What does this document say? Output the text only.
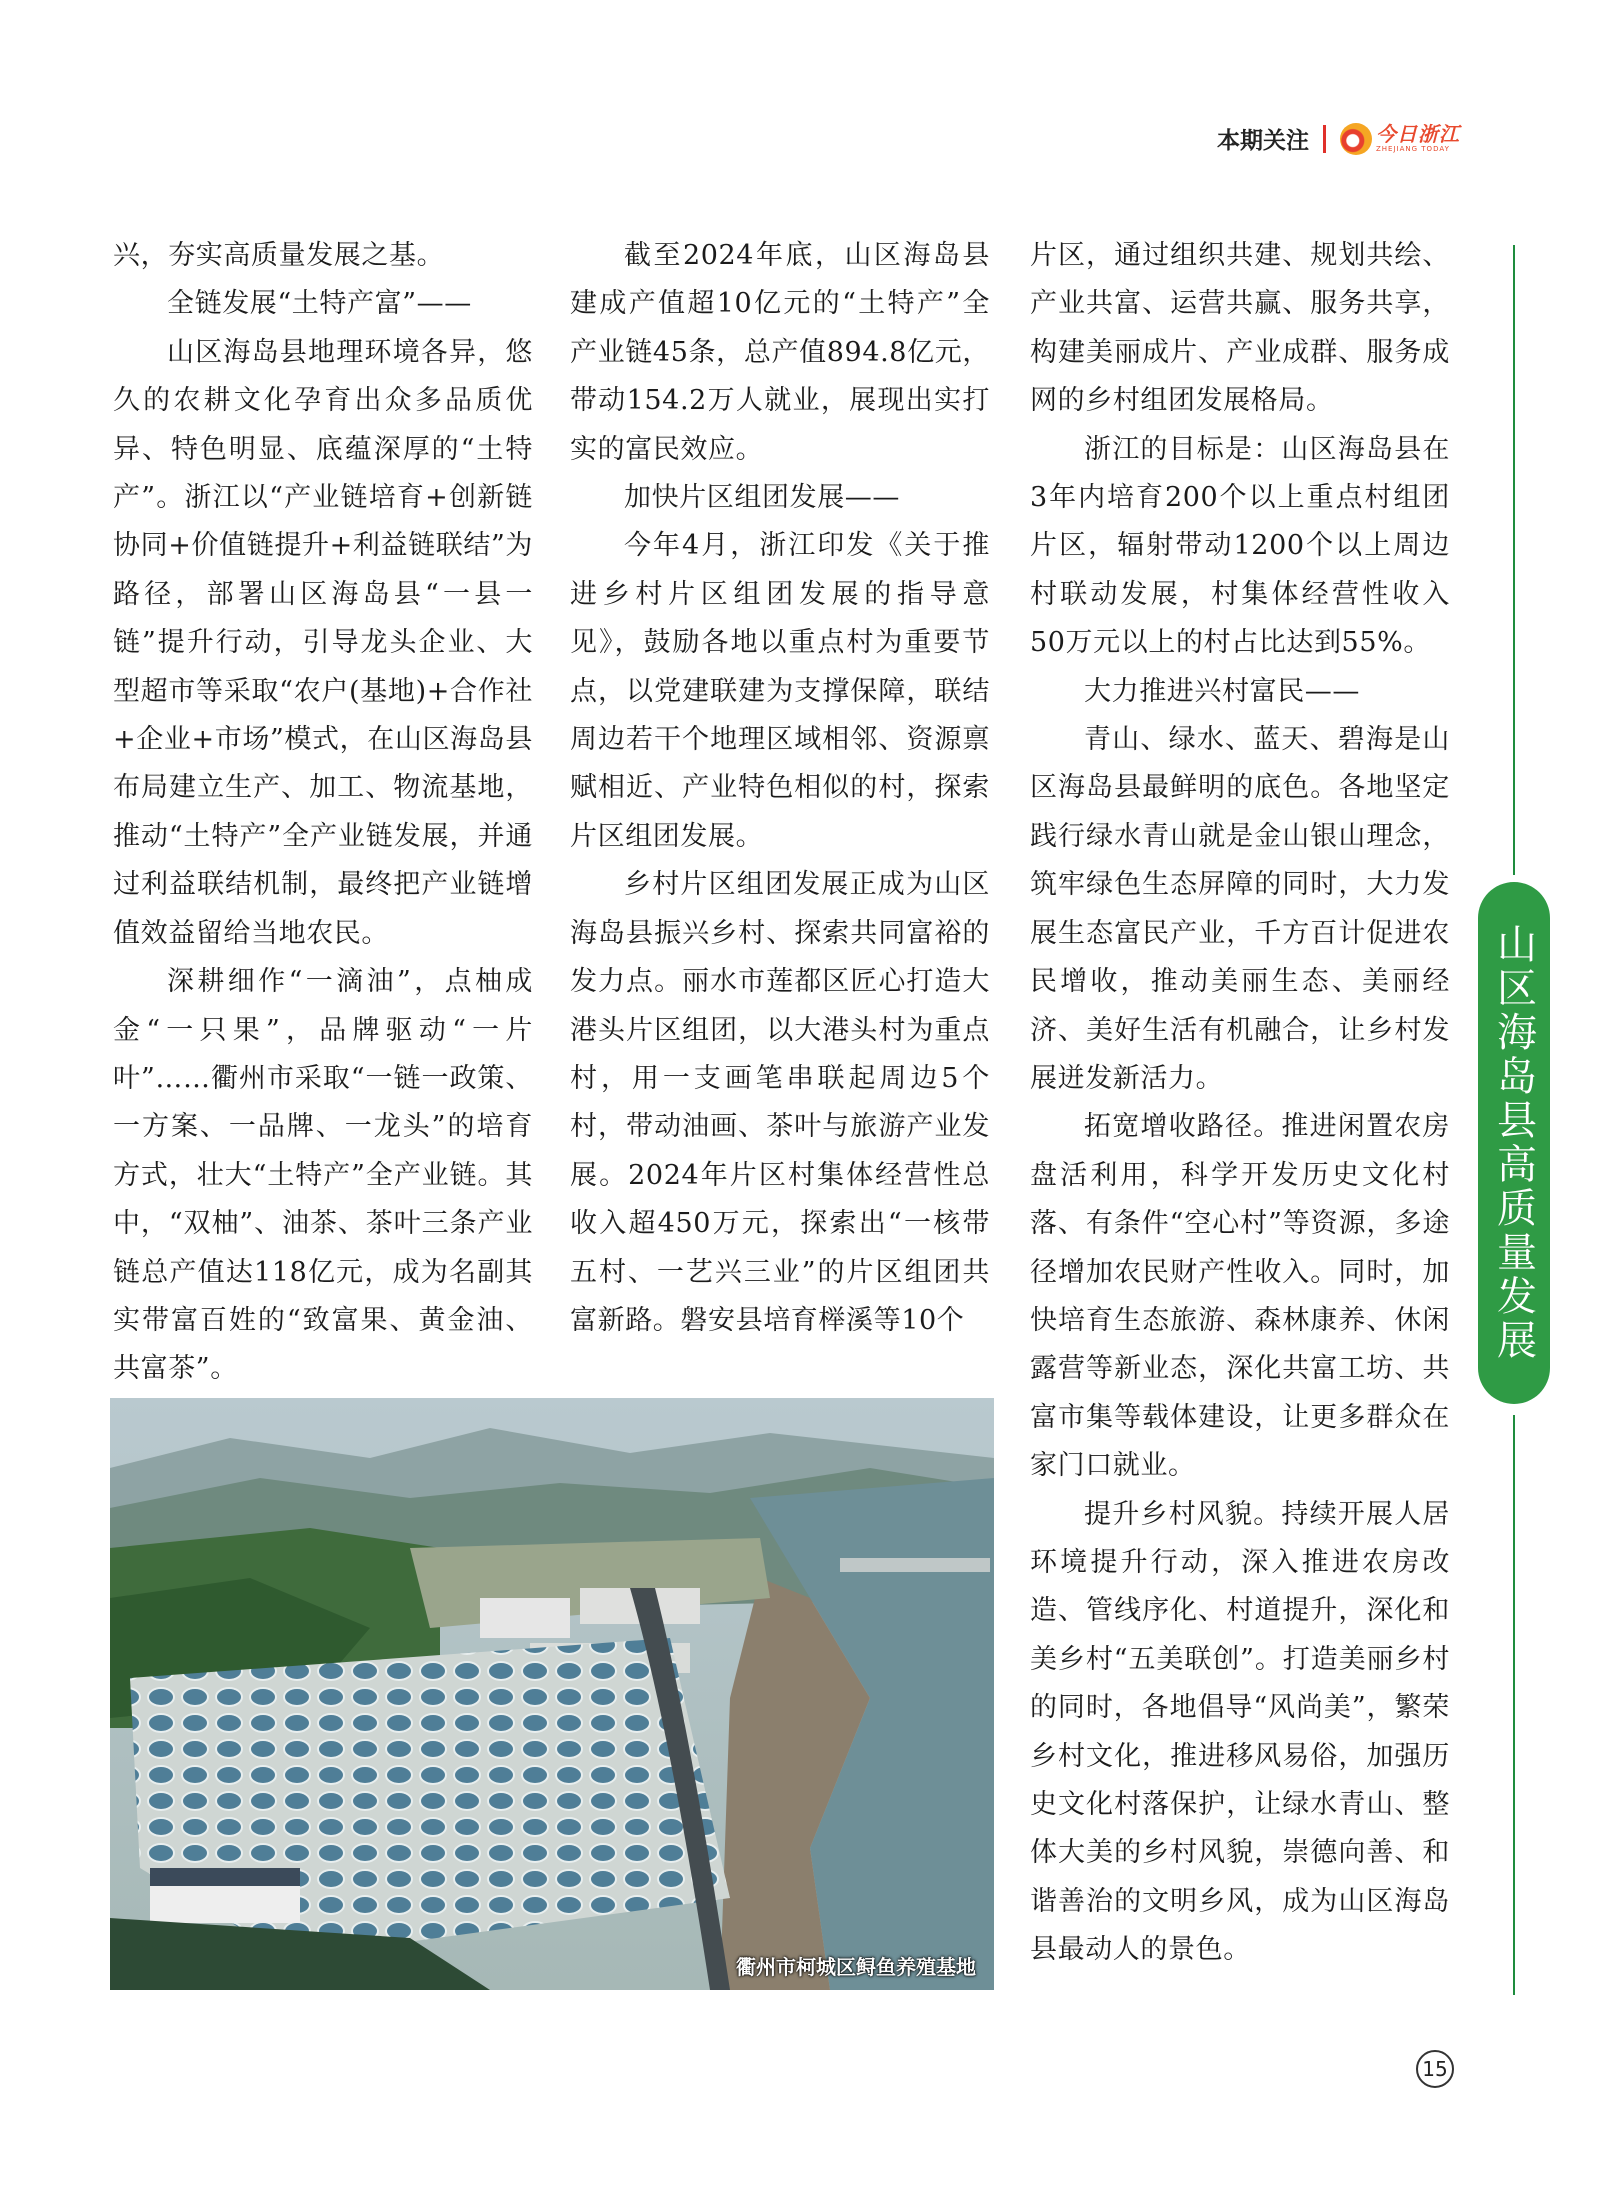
本期关注	今日浙江
ZHEJIANG TODAY

兴，夯实高质量发展之基。

全链发展“土特产富”——

山区海岛县地理环境各异，悠久的农耕文化孕育出众多品质优异、特色明显、底蕴深厚的“土特产”。浙江以“产业链培育+创新链协同+价值链提升+利益链联结”为路径，部署山区海岛县“一县一链”提升行动，引导龙头企业、大型超市等采取“农户(基地)+合作社+企业+市场”模式，在山区海岛县布局建立生产、加工、物流基地，推动“土特产”全产业链发展，并通过利益联结机制，最终把产业链增值效益留给当地农民。

深耕细作“一滴油”，点柚成金“一只果”，品牌驱动“一片叶”……衢州市采取“一链一政策、一方案、一品牌、一龙头”的培育方式，壮大“土特产”全产业链。其中，“双柚”、油茶、茶叶三条产业链总产值达118亿元，成为名副其实带富百姓的“致富果、黄金油、共富茶”。

截至2024年底，山区海岛县建成产值超10亿元的“土特产”全产业链45条，总产值894.8亿元，带动154.2万人就业，展现出实打实的富民效应。

加快片区组团发展——

今年4月，浙江印发《关于推进乡村片区组团发展的指导意见》，鼓励各地以重点村为重要节点，以党建联建为支撑保障，联结周边若干个地理区域相邻、资源禀赋相近、产业特色相似的村，探索片区组团发展。

乡村片区组团发展正成为山区海岛县振兴乡村、探索共同富裕的发力点。丽水市莲都区匠心打造大港头片区组团，以大港头村为重点村，用一支画笔串联起周边5个村，带动油画、茶叶与旅游产业发展。2024年片区村集体经营性总收入超450万元，探索出“一核带五村、一艺兴三业”的片区组团共富新路。磐安县培育榉溪等10个

片区，通过组织共建、规划共绘、产业共富、运营共赢、服务共享，构建美丽成片、产业成群、服务成网的乡村组团发展格局。

浙江的目标是：山区海岛县在3年内培育200个以上重点村组团片区，辐射带动1200个以上周边村联动发展，村集体经营性收入50万元以上的村占比达到55%。

大力推进兴村富民——

青山、绿水、蓝天、碧海是山区海岛县最鲜明的底色。各地坚定践行绿水青山就是金山银山理念，筑牢绿色生态屏障的同时，大力发展生态富民产业，千方百计促进农民增收，推动美丽生态、美丽经济、美好生活有机融合，让乡村发展迸发新活力。

拓宽增收路径。推进闲置农房盘活利用，科学开发历史文化村落、有条件“空心村”等资源，多途径增加农民财产性收入。同时，加快培育生态旅游、森林康养、休闲露营等新业态，深化共富工坊、共富市集等载体建设，让更多群众在家门口就业。

提升乡村风貌。持续开展人居环境提升行动，深入推进农房改造、管线序化、村道提升，深化和美乡村“五美联创”。打造美丽乡村的同时，各地倡导“风尚美”，繁荣乡村文化，推进移风易俗，加强历史文化村落保护，让绿水青山、整体大美的乡村风貌，崇德向善、和谐善治的文明乡风，成为山区海岛县最动人的景色。

衢州市柯城区鲟鱼养殖基地
山区海岛县高质量发展
15
